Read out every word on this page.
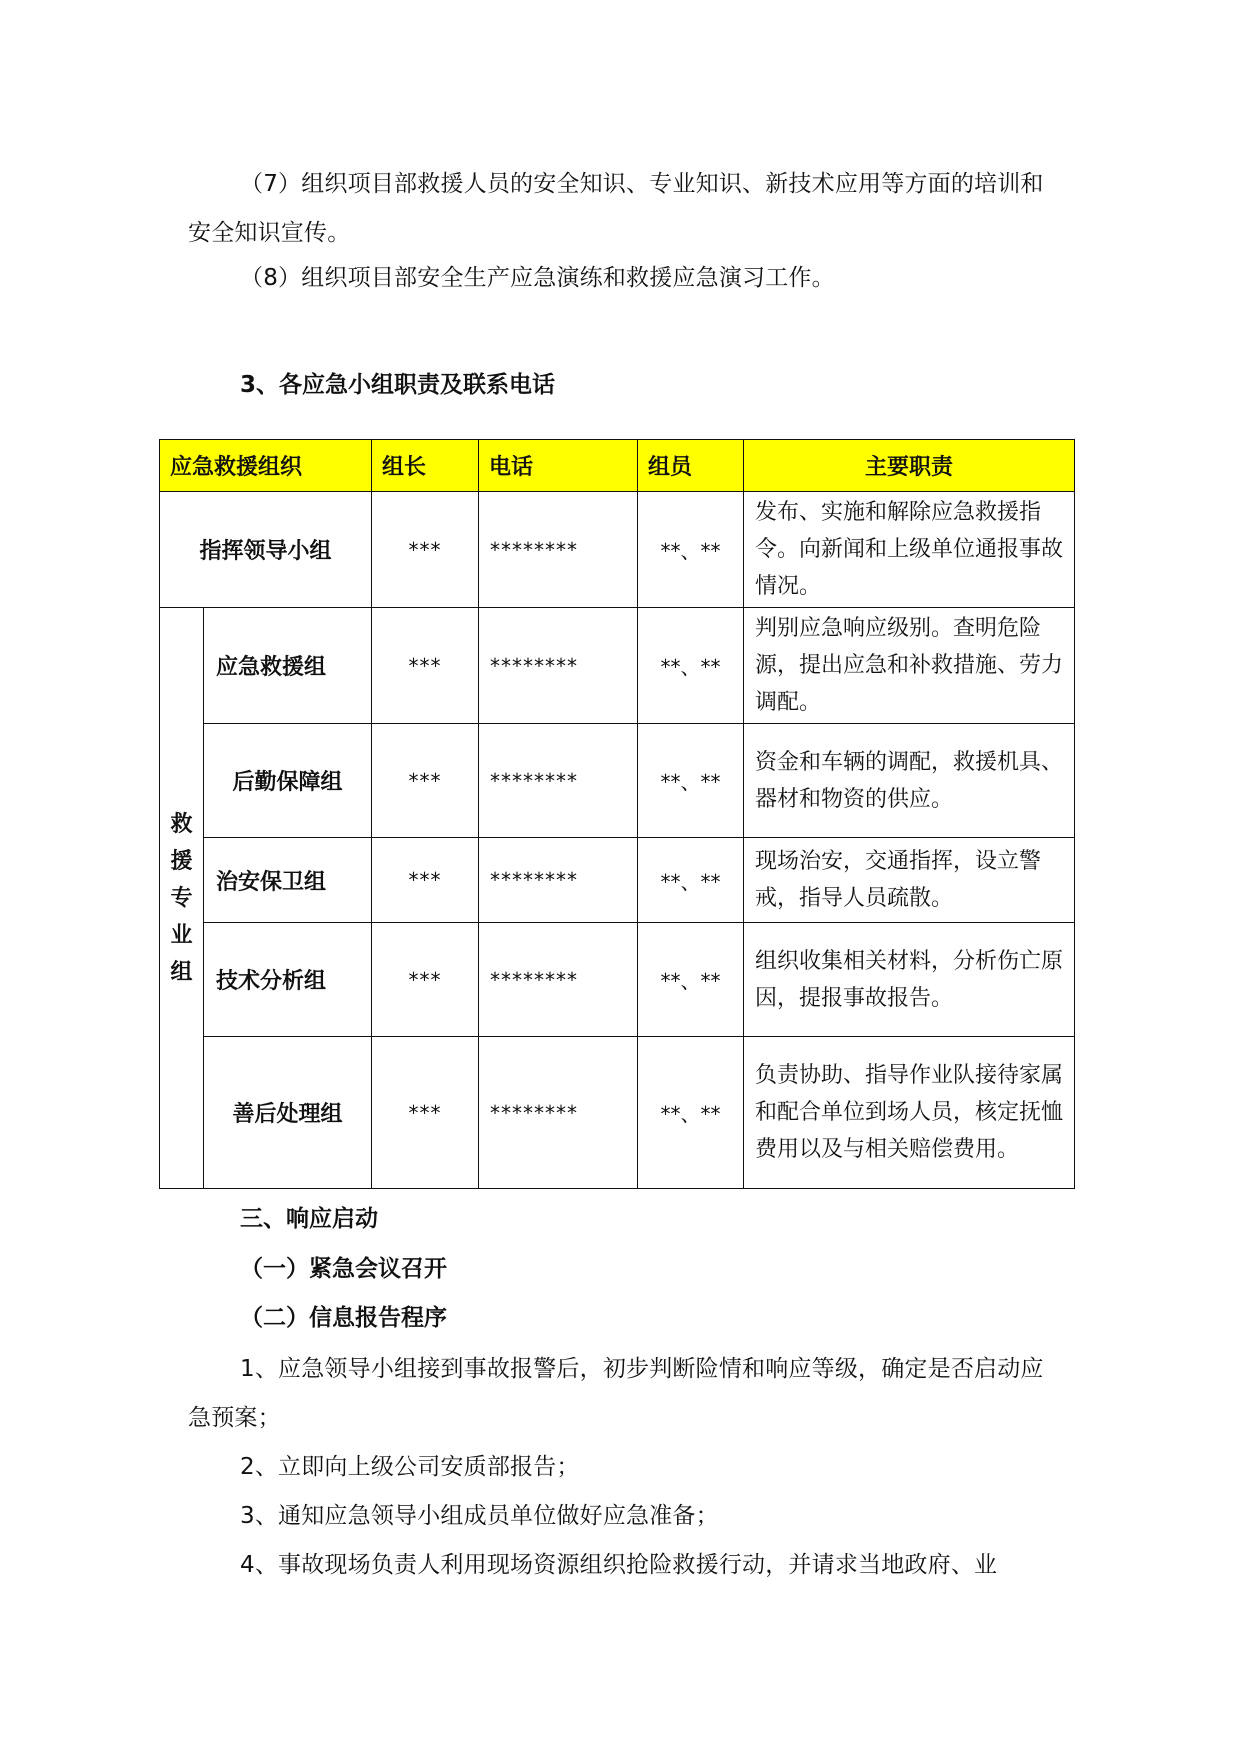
（7）组织项目部救援人员的安全知识、专业知识、新技术应用等方面的培训和安全知识宣传。

（8）组织项目部安全生产应急演练和救援应急演习工作。

3、各应急小组职责及联系电话
应急救援组织		组长	电话	组员	主要职责
指挥领导小组		***	********	**、**	发布、实施和解除应急救援指令。向新闻和上级单位通报事故情况。

救
援
专
业
组	应急救援组	***	********	**、**	判别应急响应级别。查明危险源，提出应急和补救措施、劳力调配。
	后勤保障组	***	********	**、**	资金和车辆的调配，救援机具、器材和物资的供应。
	治安保卫组	***	********	**、**	现场治安，交通指挥，设立警戒，指导人员疏散。
	技术分析组	***	********	**、**	组织收集相关材料，分析伤亡原因，提报事故报告。
	善后处理组	***	********	**、**	负责协助、指导作业队接待家属和配合单位到场人员，核定抚恤费用以及与相关赔偿费用。
三、响应启动
（一）紧急会议召开
（二）信息报告程序

1、应急领导小组接到事故报警后，初步判断险情和响应等级，确定是否启动应急预案；

2、立即向上级公司安质部报告；

3、通知应急领导小组成员单位做好应急准备；

4、事故现场负责人利用现场资源组织抢险救援行动，并请求当地政府、业
